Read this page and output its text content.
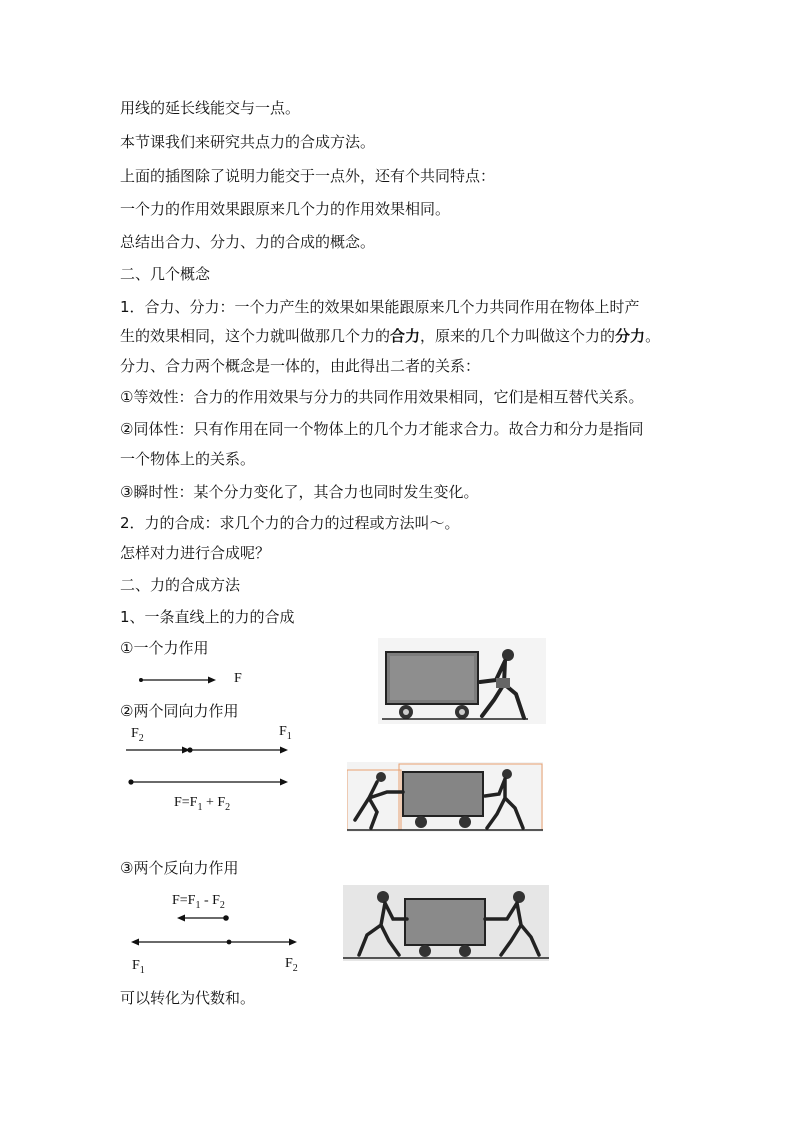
用线的延长线能交与一点。
本节课我们来研究共点力的合成方法。
上面的插图除了说明力能交于一点外，还有个共同特点：
一个力的作用效果跟原来几个力的作用效果相同。
总结出合力、分力、力的合成的概念。
二、几个概念
1．合力、分力：一个力产生的效果如果能跟原来几个力共同作用在物体上时产
生的效果相同，这个力就叫做那几个力的合力，原来的几个力叫做这个力的分力。
分力、合力两个概念是一体的，由此得出二者的关系：
①等效性：合力的作用效果与分力的共同作用效果相同，它们是相互替代关系。
②同体性：只有作用在同一个物体上的几个力才能求合力。故合力和分力是指同
一个物体上的关系。
③瞬时性：某个分力变化了，其合力也同时发生变化。
2．力的合成：求几个力的合力的过程或方法叫～。
怎样对力进行合成呢？
二、力的合成方法
1、一条直线上的力的合成
①一个力作用
②两个同向力作用
③两个反向力作用
可以转化为代数和。
F
$F_2$	$F_1$
$F=F_1 + F_2$
$F=F_1 - F_2$
$F_1$	$F_2$
